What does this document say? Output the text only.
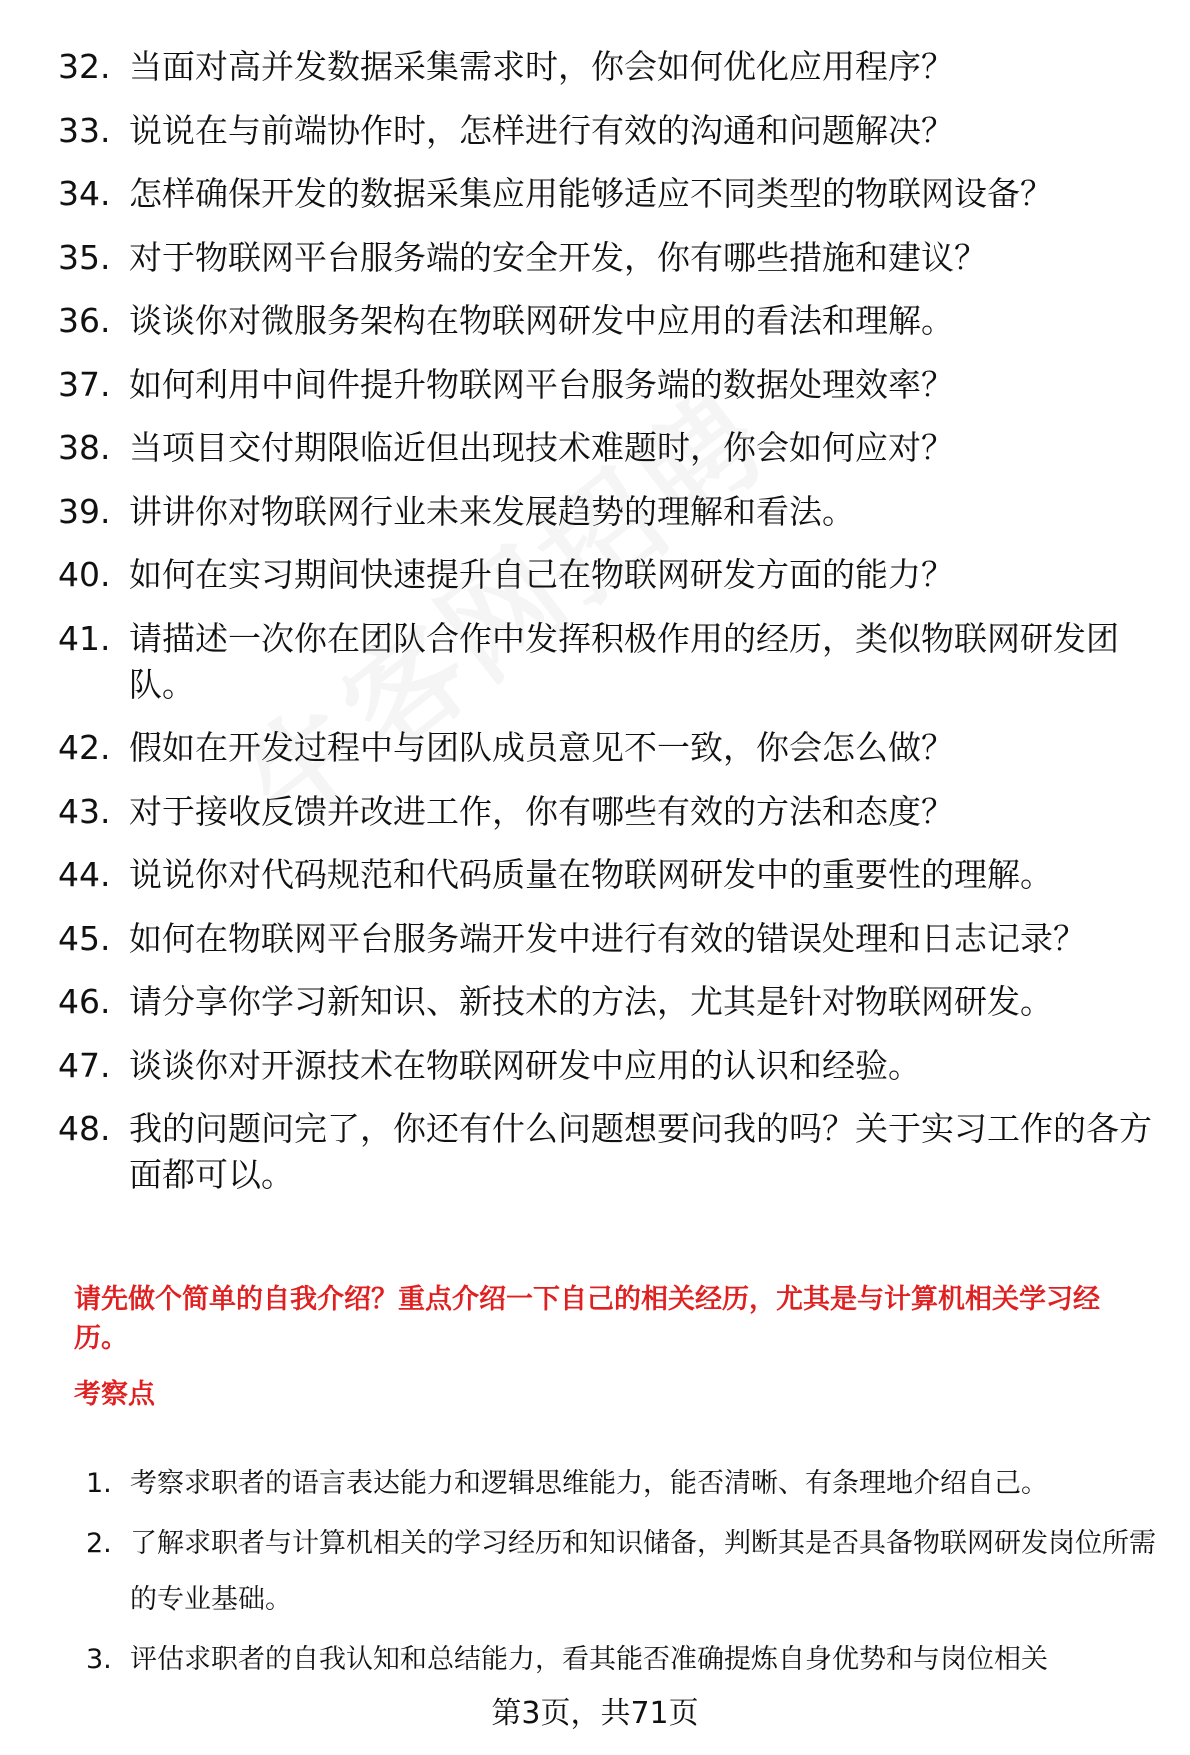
32. 当面对高并发数据采集需求时，你会如何优化应用程序？
33. 说说在与前端协作时，怎样进行有效的沟通和问题解决？
34. 怎样确保开发的数据采集应用能够适应不同类型的物联网设备？
35. 对于物联网平台服务端的安全开发，你有哪些措施和建议？
36. 谈谈你对微服务架构在物联网研发中应用的看法和理解。
37. 如何利用中间件提升物联网平台服务端的数据处理效率？
38. 当项目交付期限临近但出现技术难题时，你会如何应对？
39. 讲讲你对物联网行业未来发展趋势的理解和看法。
40. 如何在实习期间快速提升自己在物联网研发方面的能力？
41. 请描述一次你在团队合作中发挥积极作用的经历，类似物联网研发团队。
42. 假如在开发过程中与团队成员意见不一致，你会怎么做？
43. 对于接收反馈并改进工作，你有哪些有效的方法和态度？
44. 说说你对代码规范和代码质量在物联网研发中的重要性的理解。
45. 如何在物联网平台服务端开发中进行有效的错误处理和日志记录？
46. 请分享你学习新知识、新技术的方法，尤其是针对物联网研发。
47. 谈谈你对开源技术在物联网研发中应用的认识和经验。
48. 我的问题问完了，你还有什么问题想要问我的吗？关于实习工作的各方面都可以。
请先做个简单的自我介绍？重点介绍一下自己的相关经历，尤其是与计算机相关学习经历。
考察点
1. 考察求职者的语言表达能力和逻辑思维能力，能否清晰、有条理地介绍自己。
2. 了解求职者与计算机相关的学习经历和知识储备，判断其是否具备物联网研发岗位所需的专业基础。
3. 评估求职者的自我认知和总结能力，看其能否准确提炼自身优势和与岗位相关
第3页，共71页
